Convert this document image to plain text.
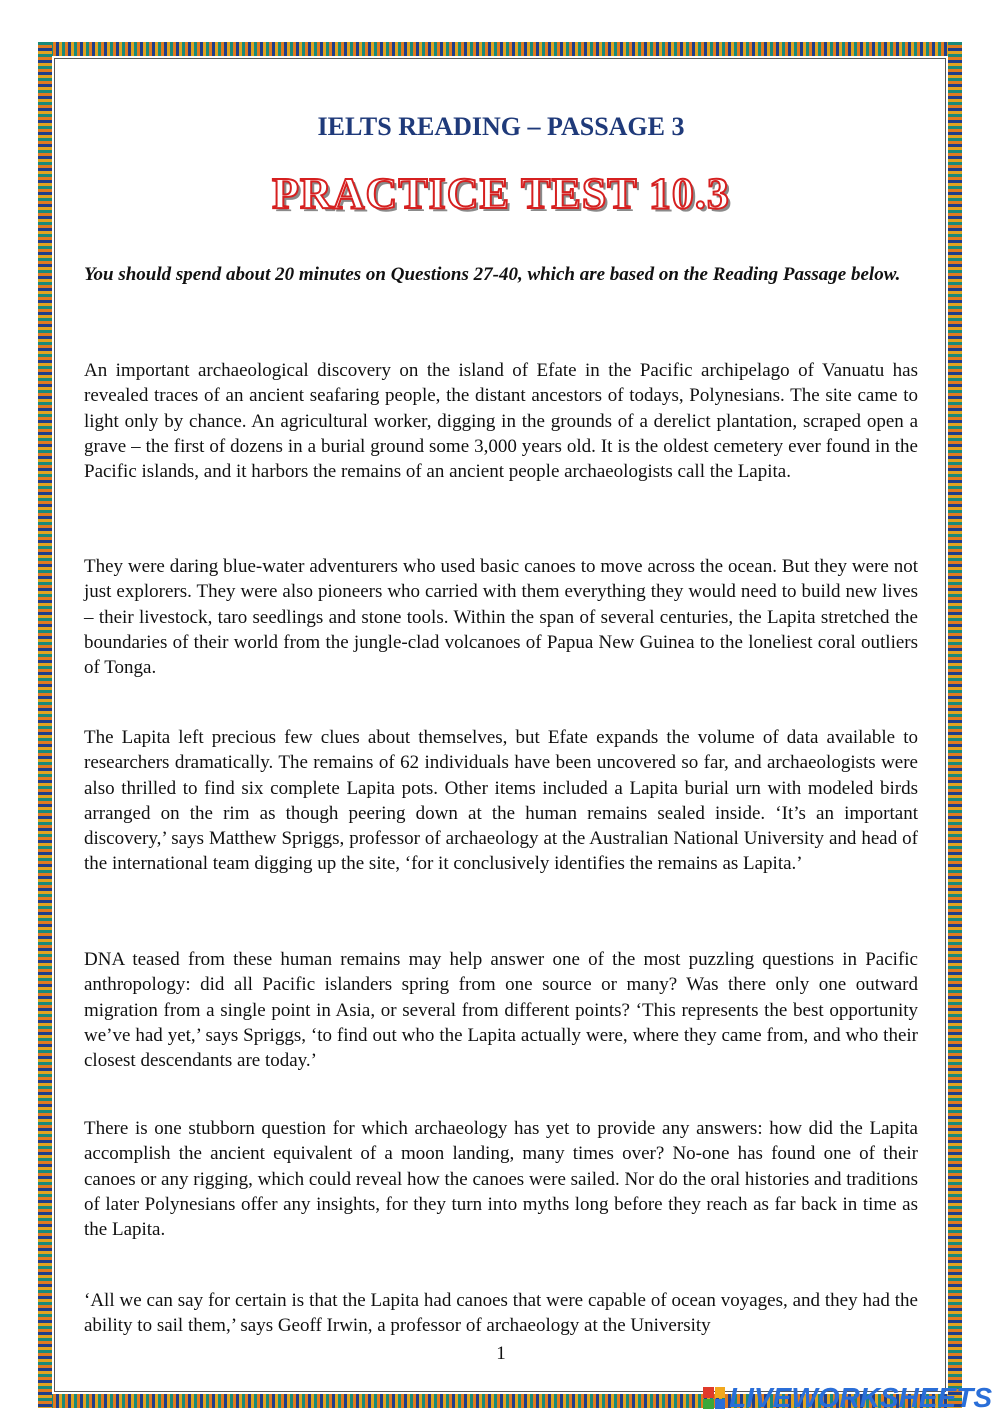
IELTS READING – PASSAGE 3
PRACTICE TEST 10.3
You should spend about 20 minutes on Questions 27-40, which are based on the Reading Passage below.
An important archaeological discovery on the island of Efate in the Pacific archipelago of Vanuatu has revealed traces of an ancient seafaring people, the distant ancestors of todays, Polynesians. The site came to light only by chance. An agricultural worker, digging in the grounds of a derelict plantation, scraped open a grave – the first of dozens in a burial ground some 3,000 years old. It is the oldest cemetery ever found in the Pacific islands, and it harbors the remains of an ancient people archaeologists call the Lapita.
They were daring blue-water adventurers who used basic canoes to move across the ocean. But they were not just explorers. They were also pioneers who carried with them everything they would need to build new lives – their livestock, taro seedlings and stone tools. Within the span of several centuries, the Lapita stretched the boundaries of their world from the jungle-clad volcanoes of Papua New Guinea to the loneliest coral outliers of Tonga.
The Lapita left precious few clues about themselves, but Efate expands the volume of data available to researchers dramatically. The remains of 62 individuals have been uncovered so far, and archaeologists were also thrilled to find six complete Lapita pots. Other items included a Lapita burial urn with modeled birds arranged on the rim as though peering down at the human remains sealed inside. ‘It’s an important discovery,’ says Matthew Spriggs, professor of archaeology at the Australian National University and head of the international team digging up the site, ‘for it conclusively identifies the remains as Lapita.’
DNA teased from these human remains may help answer one of the most puzzling questions in Pacific anthropology: did all Pacific islanders spring from one source or many? Was there only one outward migration from a single point in Asia, or several from different points? ‘This represents the best opportunity we’ve had yet,’ says Spriggs, ‘to find out who the Lapita actually were, where they came from, and who their closest descendants are today.’
There is one stubborn question for which archaeology has yet to provide any answers: how did the Lapita accomplish the ancient equivalent of a moon landing, many times over? No-one has found one of their canoes or any rigging, which could reveal how the canoes were sailed. Nor do the oral histories and traditions of later Polynesians offer any insights, for they turn into myths long before they reach as far back in time as the Lapita.
‘All we can say for certain is that the Lapita had canoes that were capable of ocean voyages, and they had the ability to sail them,’ says Geoff Irwin, a professor of archaeology at the University
1
LIVEWORKSHEETS
